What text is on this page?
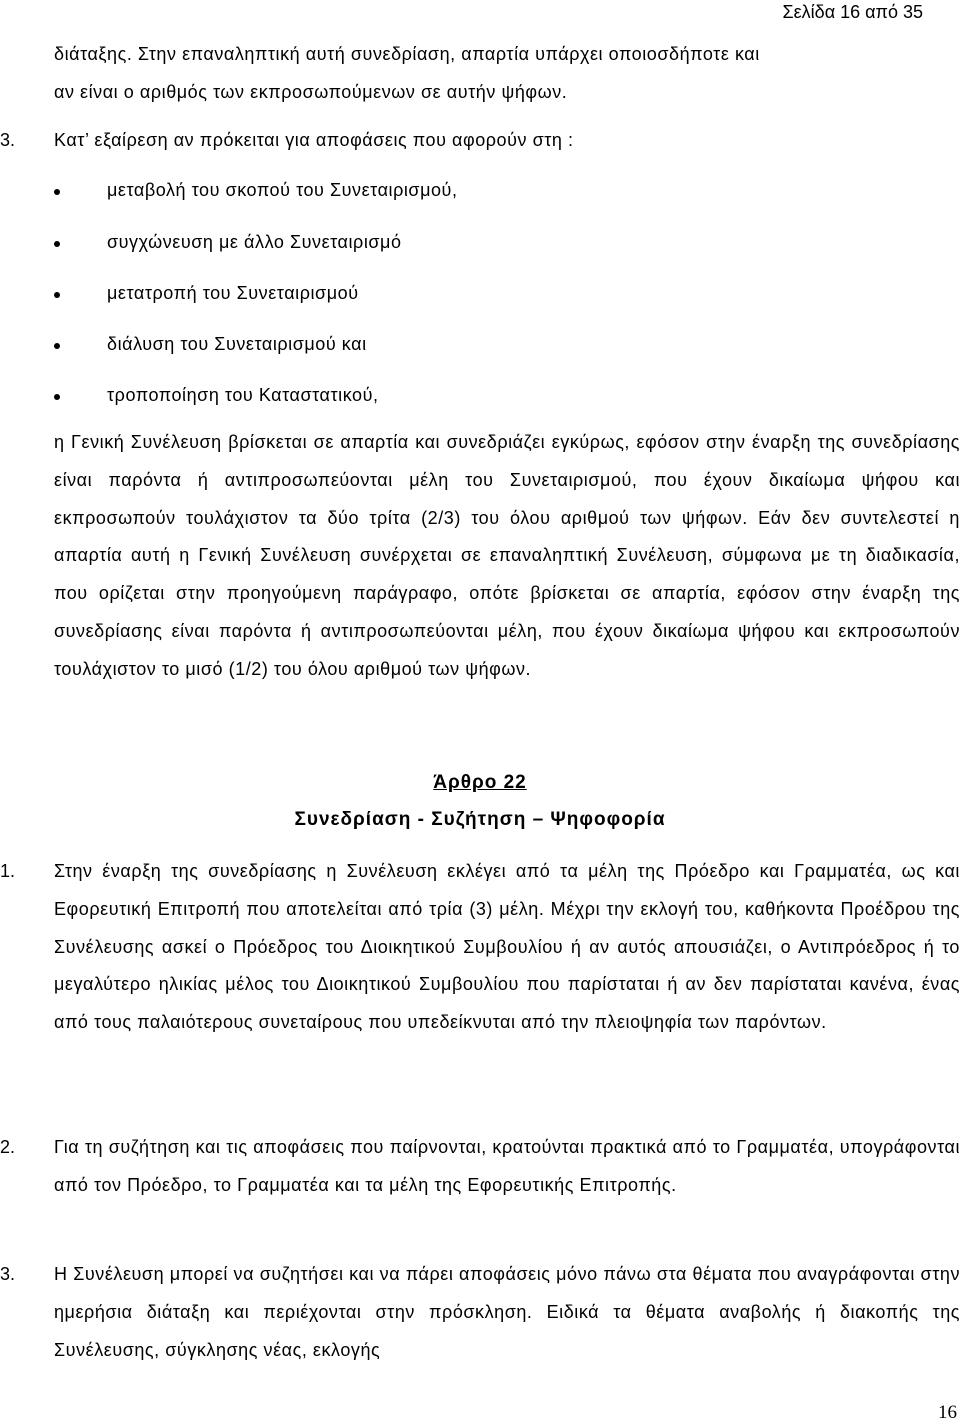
Σελίδα 16 από 35
διάταξης. Στην επαναληπτική αυτή συνεδρίαση, απαρτία υπάρχει οποιοσδήποτε και
αν είναι ο αριθμός των εκπροσωπούμενων σε αυτήν ψήφων.
3. Κατ’ εξαίρεση αν πρόκειται για αποφάσεις που αφορούν στη :
μεταβολή του σκοπού του Συνεταιρισμού,
συγχώνευση με άλλο Συνεταιρισμό
μετατροπή του Συνεταιρισμού
διάλυση του Συνεταιρισμού και
τροποποίηση του Καταστατικού,

η Γενική Συνέλευση βρίσκεται σε απαρτία και συνεδριάζει εγκύρως, εφόσον στην έναρξη της συνεδρίασης είναι παρόντα ή αντιπροσωπεύονται μέλη του Συνεταιρισμού, που έχουν δικαίωμα ψήφου και εκπροσωπούν τουλάχιστον τα δύο τρίτα (2/3) του όλου αριθμού των ψήφων. Εάν δεν συντελεστεί η απαρτία αυτή η Γενική Συνέλευση συνέρχεται σε επαναληπτική Συνέλευση, σύμφωνα με τη διαδικασία, που ορίζεται στην προηγούμενη παράγραφο, οπότε βρίσκεται σε απαρτία, εφόσον στην έναρξη της συνεδρίασης είναι παρόντα ή αντιπροσωπεύονται μέλη, που έχουν δικαίωμα ψήφου και εκπροσωπούν τουλάχιστον το μισό (1/2) του όλου αριθμού των ψήφων.

Άρθρο 22
Συνεδρίαση - Συζήτηση – Ψηφοφορία
1. Στην έναρξη της συνεδρίασης η Συνέλευση εκλέγει από τα μέλη της Πρόεδρο και Γραμματέα, ως και Εφορευτική Επιτροπή που αποτελείται από τρία (3) μέλη. Μέχρι την εκλογή του, καθήκοντα Προέδρου της Συνέλευσης ασκεί ο Πρόεδρος του Διοικητικού Συμβουλίου ή αν αυτός απουσιάζει, ο Αντιπρόεδρος ή το μεγαλύτερο ηλικίας μέλος του Διοικητικού Συμβουλίου που παρίσταται ή αν δεν παρίσταται κανένα, ένας από τους παλαιότερους συνεταίρους που υπεδείκνυται από την πλειοψηφία των παρόντων.

2. Για τη συζήτηση και τις αποφάσεις που παίρνονται, κρατούνται πρακτικά από το Γραμματέα, υπογράφονται από τον Πρόεδρο, το Γραμματέα και τα μέλη της Εφορευτικής Επιτροπής.

3. Η Συνέλευση μπορεί να συζητήσει και να πάρει αποφάσεις μόνο πάνω στα θέματα που αναγράφονται στην ημερήσια διάταξη και περιέχονται στην πρόσκληση. Ειδικά τα θέματα αναβολής ή διακοπής της Συνέλευσης, σύγκλησης νέας, εκλογής

16
